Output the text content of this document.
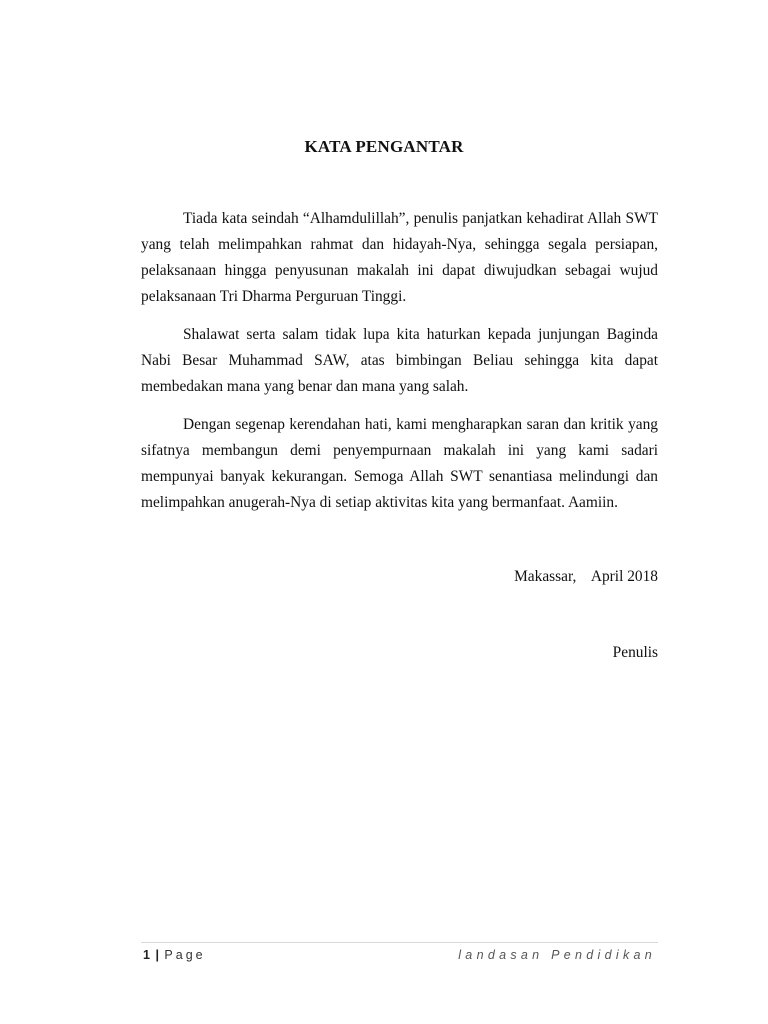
KATA PENGANTAR

Tiada kata seindah “Alhamdulillah”, penulis panjatkan kehadirat Allah SWT yang telah melimpahkan rahmat dan hidayah-Nya, sehingga segala persiapan, pelaksanaan hingga penyusunan makalah ini dapat diwujudkan sebagai wujud pelaksanaan Tri Dharma Perguruan Tinggi.

Shalawat serta salam tidak lupa kita haturkan kepada junjungan Baginda Nabi Besar Muhammad SAW, atas bimbingan Beliau sehingga kita dapat membedakan mana yang benar dan mana yang salah.

Dengan segenap kerendahan hati, kami mengharapkan saran dan kritik yang sifatnya membangun demi penyempurnaan makalah ini yang kami sadari mempunyai banyak kekurangan. Semoga Allah SWT senantiasa melindungi dan melimpahkan anugerah-Nya di setiap aktivitas kita yang bermanfaat. Aamiin.

Makassar,    April 2018
Penulis
1 | Page	landasan Pendidikan
